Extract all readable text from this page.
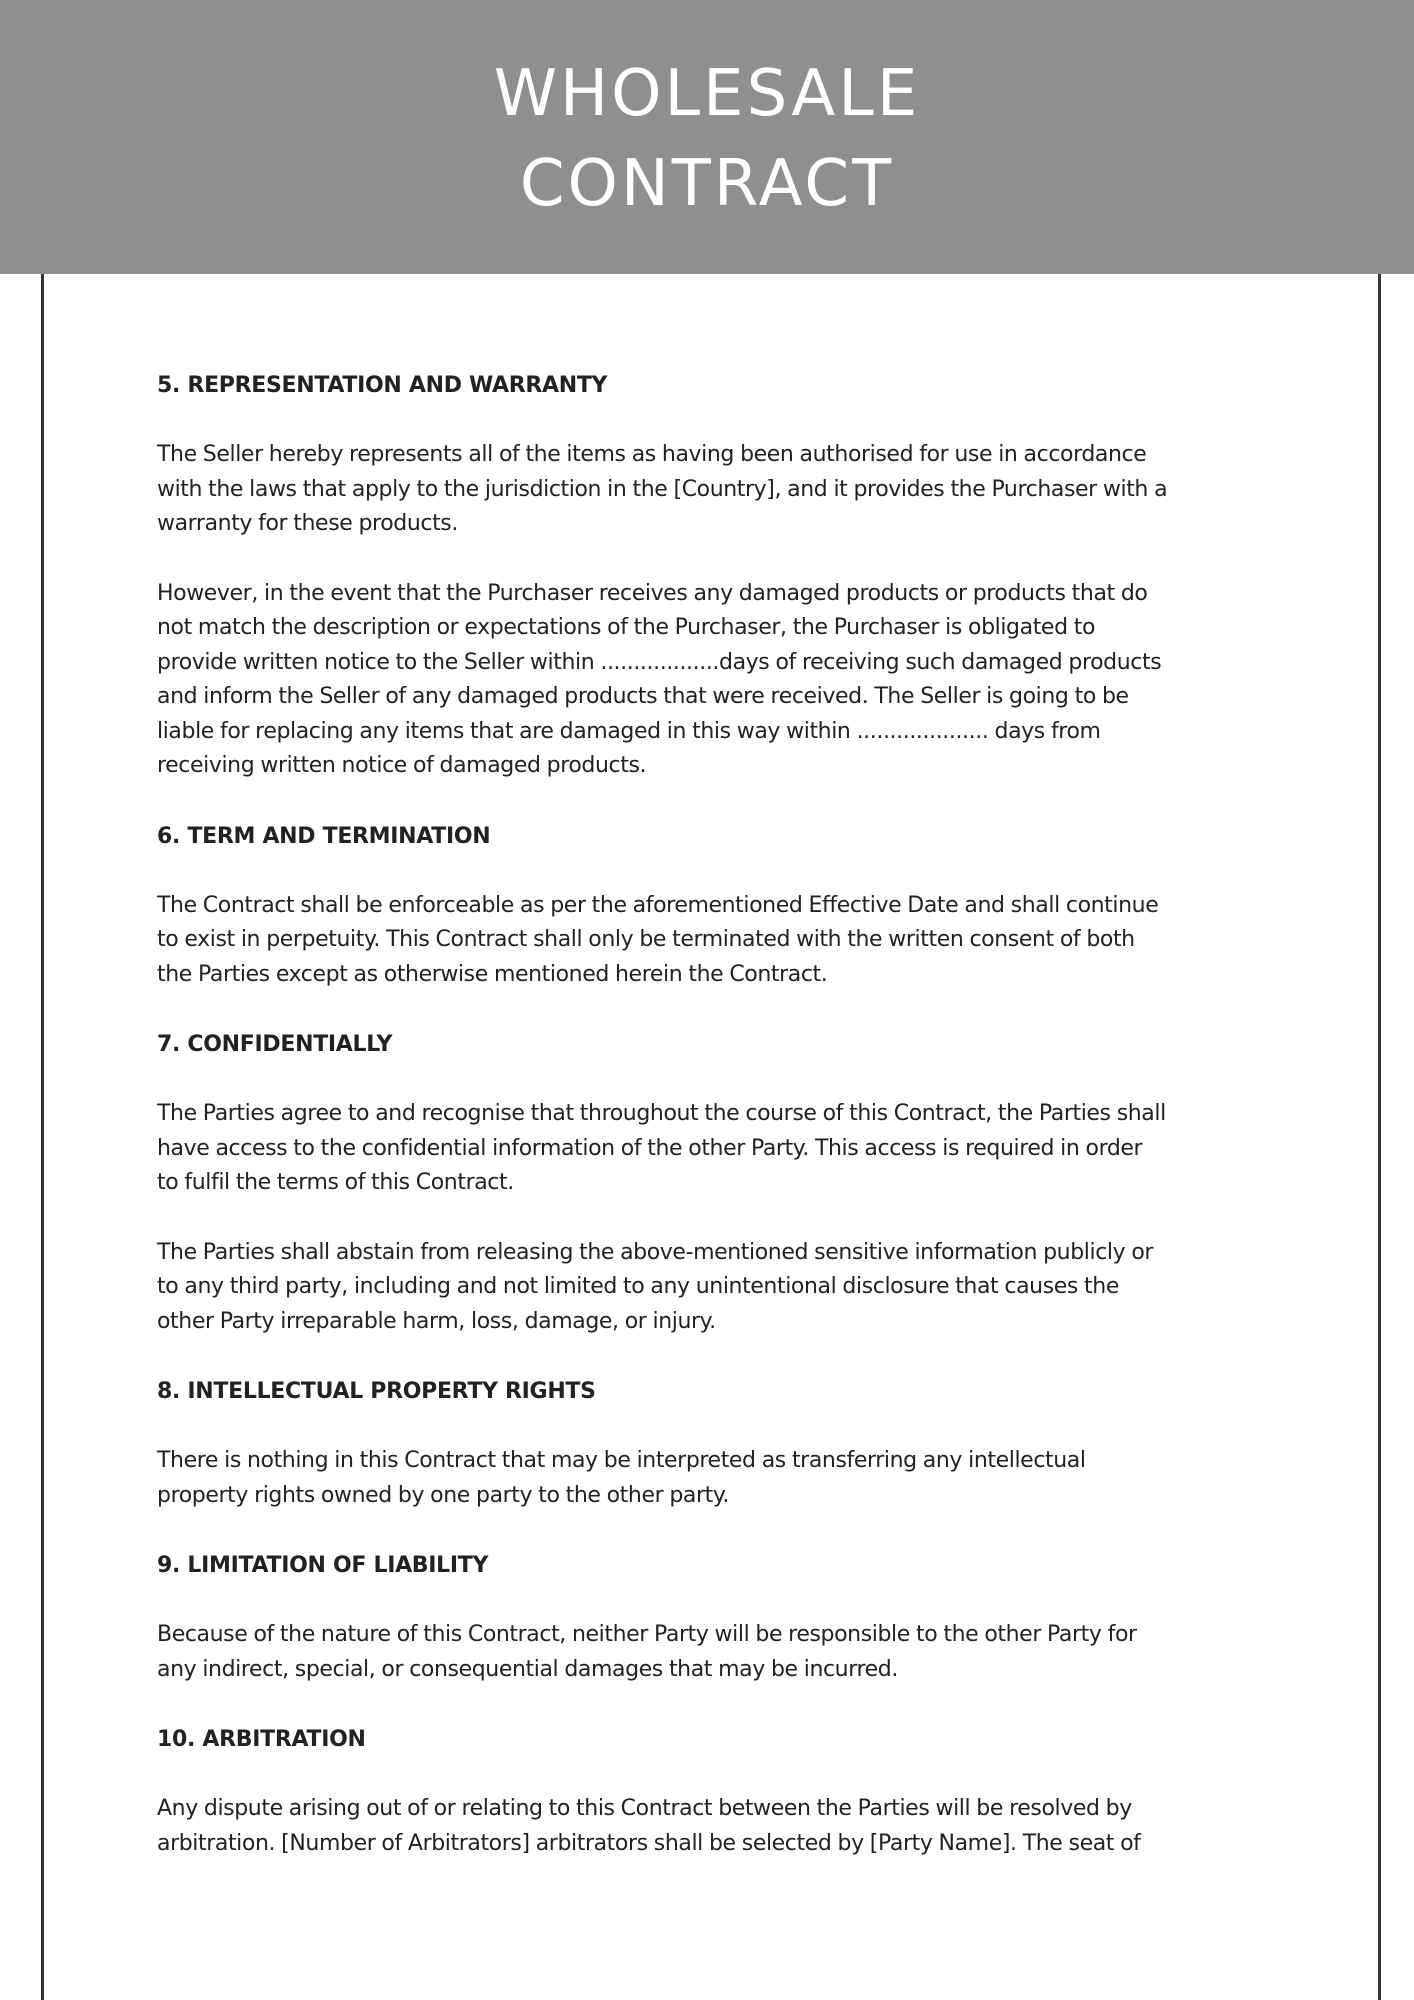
WHOLESALE
CONTRACT
5. REPRESENTATION AND WARRANTY
The Seller hereby represents all of the items as having been authorised for use in accordance
with the laws that apply to the jurisdiction in the [Country], and it provides the Purchaser with a
warranty for these products.
However, in the event that the Purchaser receives any damaged products or products that do
not match the description or expectations of the Purchaser, the Purchaser is obligated to
provide written notice to the Seller within ..................days of receiving such damaged products
and inform the Seller of any damaged products that were received. The Seller is going to be
liable for replacing any items that are damaged in this way within .................... days from
receiving written notice of damaged products.
6. TERM AND TERMINATION
The Contract shall be enforceable as per the aforementioned Effective Date and shall continue
to exist in perpetuity. This Contract shall only be terminated with the written consent of both
the Parties except as otherwise mentioned herein the Contract.
7. CONFIDENTIALLY
The Parties agree to and recognise that throughout the course of this Contract, the Parties shall
have access to the confidential information of the other Party. This access is required in order
to fulfil the terms of this Contract.
The Parties shall abstain from releasing the above-mentioned sensitive information publicly or
to any third party, including and not limited to any unintentional disclosure that causes the
other Party irreparable harm, loss, damage, or injury.
8. INTELLECTUAL PROPERTY RIGHTS
There is nothing in this Contract that may be interpreted as transferring any intellectual
property rights owned by one party to the other party.
9. LIMITATION OF LIABILITY
Because of the nature of this Contract, neither Party will be responsible to the other Party for
any indirect, special, or consequential damages that may be incurred.
10. ARBITRATION
Any dispute arising out of or relating to this Contract between the Parties will be resolved by
arbitration. [Number of Arbitrators] arbitrators shall be selected by [Party Name]. The seat of
